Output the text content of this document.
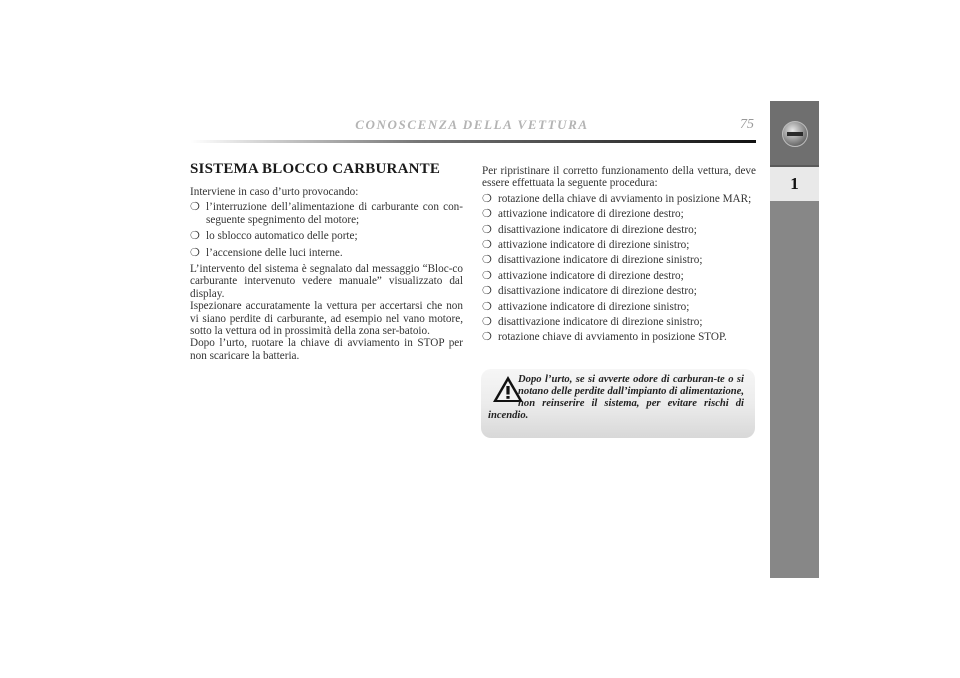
CONOSCENZA DELLA VETTURA	75
1
SISTEMA BLOCCO CARBURANTE

Interviene in caso d’urto provocando:

❍ l’interruzione dell’alimentazione di carburante con con-seguente spegnimento del motore;
❍ lo sblocco automatico delle porte;
❍ l’accensione delle luci interne.

L’intervento del sistema è segnalato dal messaggio “Bloc-co carburante intervenuto vedere manuale” visualizzato dal display.

Ispezionare accuratamente la vettura per accertarsi che non vi siano perdite di carburante, ad esempio nel vano motore, sotto la vettura od in prossimità della zona ser-batoio.

Dopo l’urto, ruotare la chiave di avviamento in STOP per non scaricare la batteria.

Per ripristinare il corretto funzionamento della vettura, deve essere effettuata la seguente procedura:

❍ rotazione della chiave di avviamento in posizione MAR;
❍ attivazione indicatore di direzione destro;
❍ disattivazione indicatore di direzione destro;
❍ attivazione indicatore di direzione sinistro;
❍ disattivazione indicatore di direzione sinistro;
❍ attivazione indicatore di direzione destro;
❍ disattivazione indicatore di direzione destro;
❍ attivazione indicatore di direzione sinistro;
❍ disattivazione indicatore di direzione sinistro;
❍ rotazione chiave di avviamento in posizione STOP.
Dopo l’urto, se si avverte odore di carburan-te o si notano delle perdite dall’impianto di alimentazione, non reinserire il sistema, per evitare rischi di incendio.
